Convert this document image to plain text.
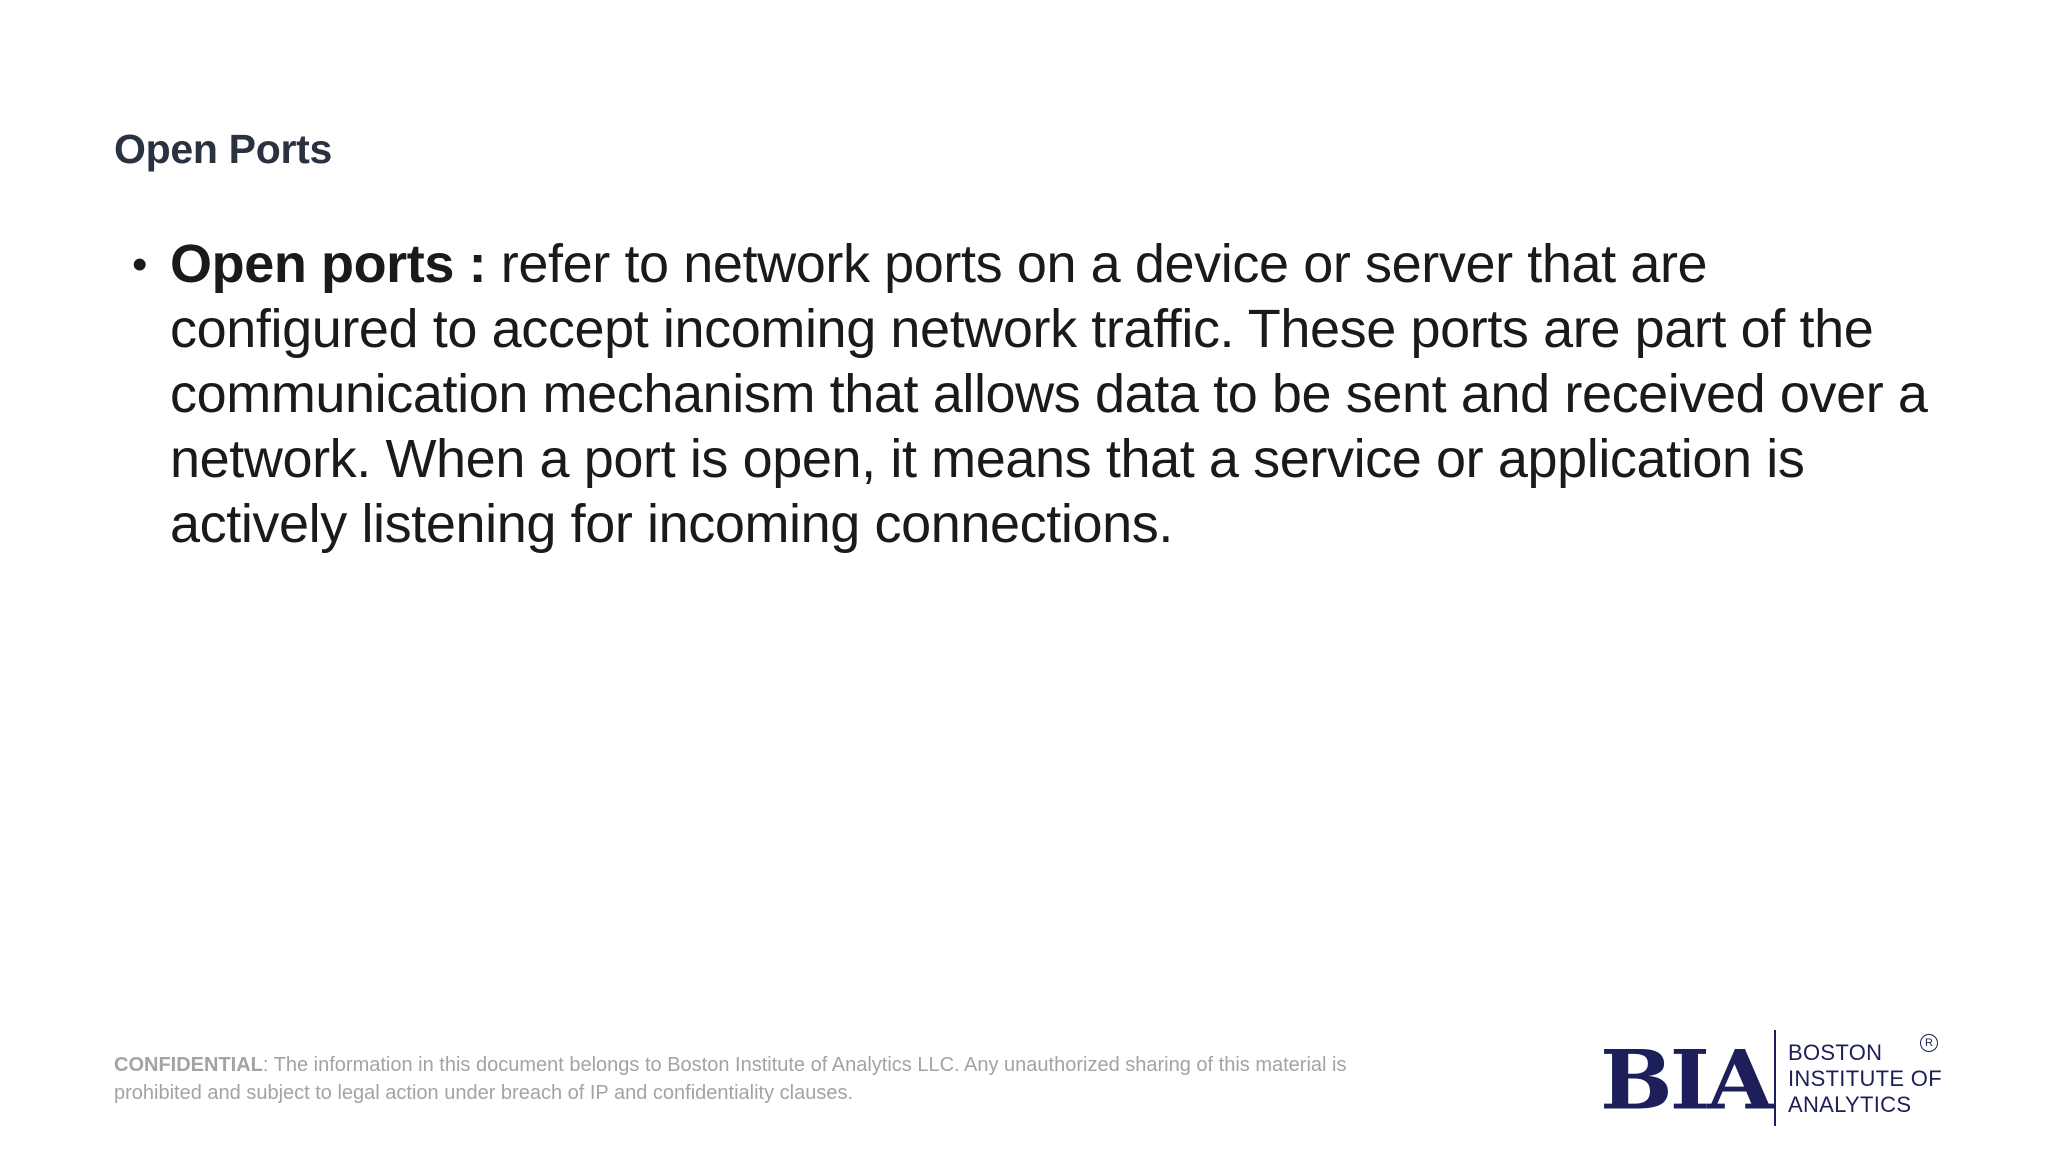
Open Ports
• Open ports : refer to network ports on a device or server that are configured to accept incoming network traffic. These ports are part of the communication mechanism that allows data to be sent and received over a network. When a port is open, it means that a service or application is actively listening for incoming connections.
CONFIDENTIAL: The information in this document belongs to Boston Institute of Analytics LLC. Any unauthorized sharing of this material is prohibited and subject to legal action under breach of IP and confidentiality clauses.	BIA BOSTON
INSTITUTE OF
ANALYTICS
R
